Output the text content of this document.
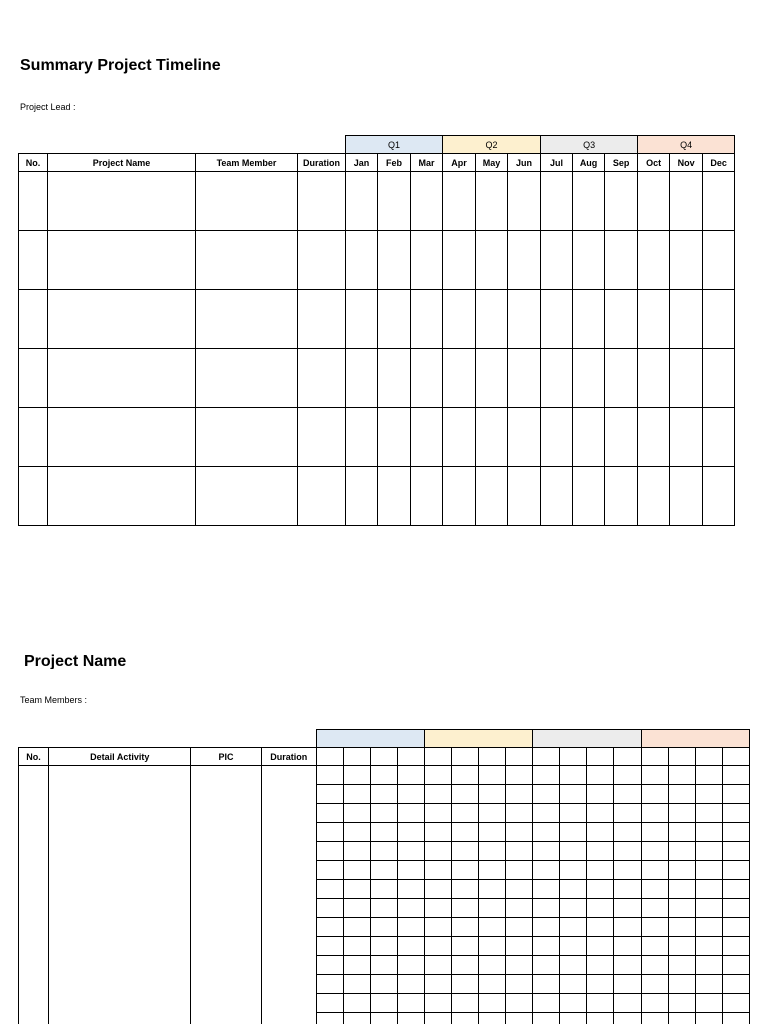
Summary Project Timeline
Project Lead :
				Q1			Q2			Q3			Q4		
No.	Project Name	Team Member	Duration	Jan	Feb	Mar	Apr	May	Jun	Jul	Aug	Sep	Oct	Nov	Dec

Project Name
Team Members :

No.	Detail Activity	PIC	Duration																
